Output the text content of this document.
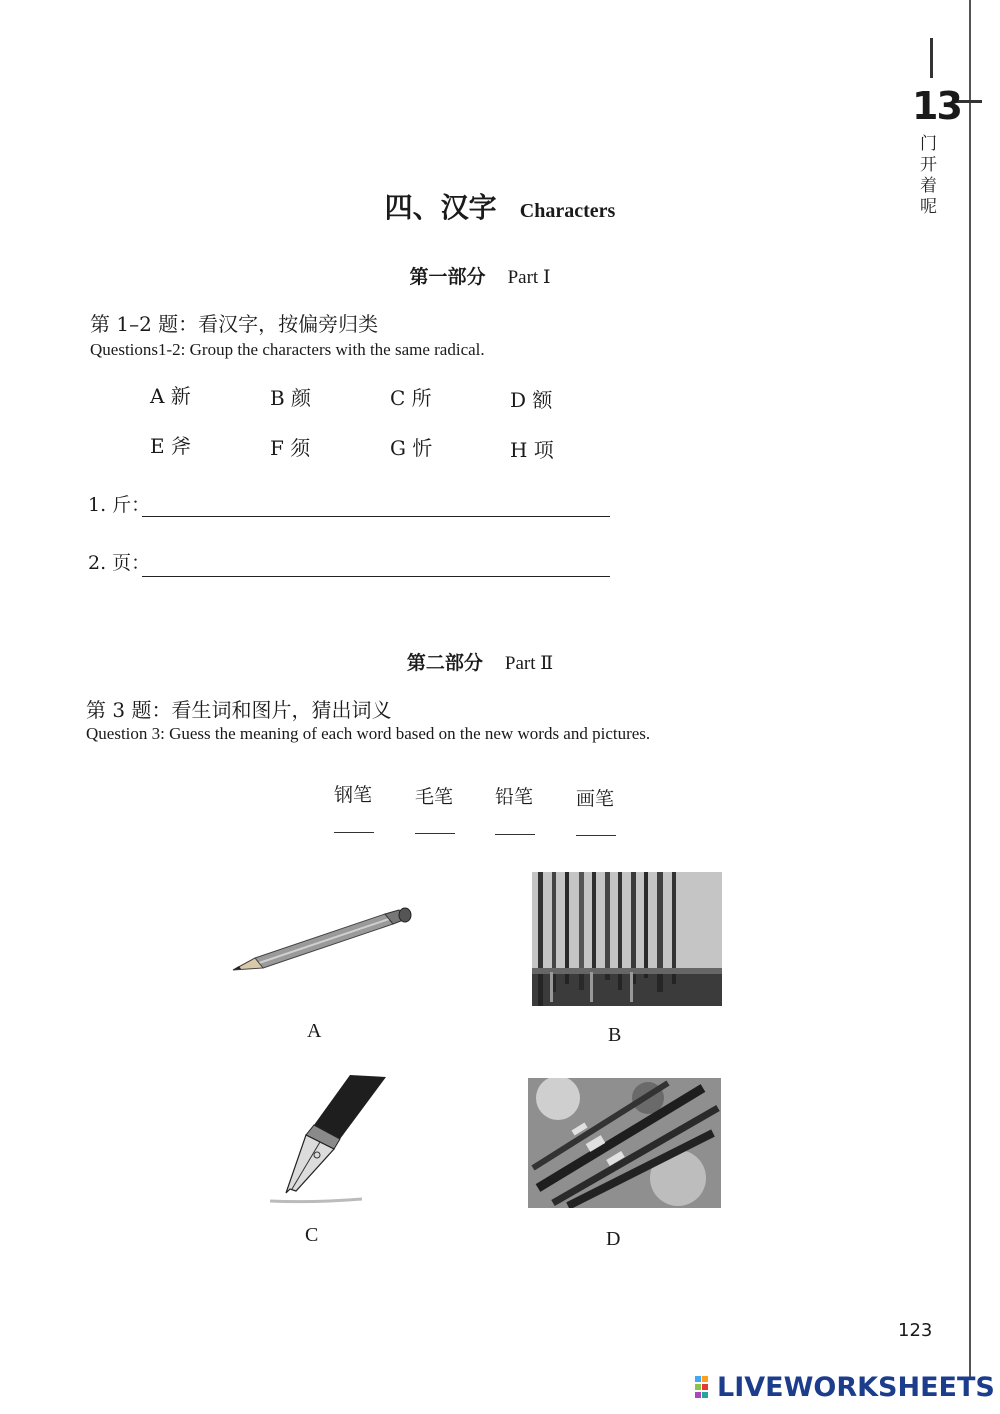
13
门开着呢
四、汉字 Characters
第一部分 Part Ⅰ
第 1–2 题：看汉字，按偏旁归类
Questions1-2: Group the characters with the same radical.
A 新	B 颜	C 所	D 额
E 斧	F 须	G 忻	H 项
1. 斤：
2. 页：
第二部分 Part Ⅱ
第 3 题：看生词和图片，猜出词义
Question 3: Guess the meaning of each word based on the new words and pictures.
钢笔 毛笔 铅笔 画笔
A	B
C	D
123
LIVEWORKSHEETS
